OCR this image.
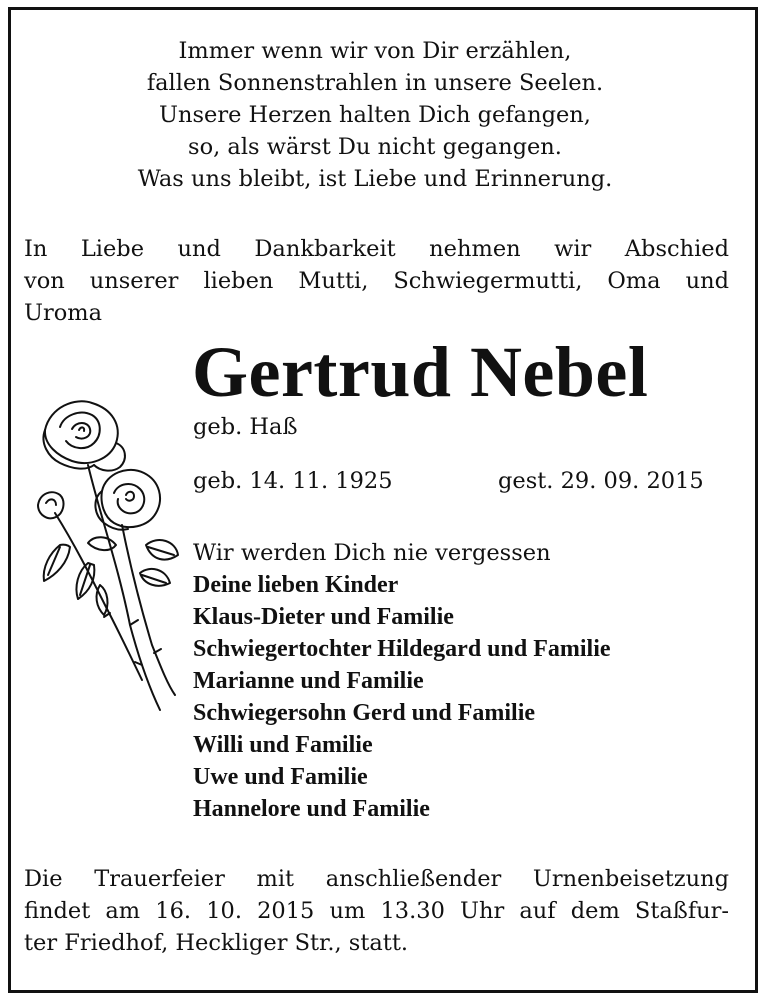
Immer wenn wir von Dir erzählen,
fallen Sonnenstrahlen in unsere Seelen.
Unsere Herzen halten Dich gefangen,
so, als wärst Du nicht gegangen.
Was uns bleibt, ist Liebe und Erinnerung.
In Liebe und Dankbarkeit nehmen wir Abschied
von unserer lieben Mutti, Schwiegermutti, Oma und
Uroma
Gertrud Nebel
geb. Haß
geb. 14. 11. 1925	gest. 29. 09. 2015
Wir werden Dich nie vergessen
Deine lieben Kinder
Klaus-Dieter und Familie
Schwiegertochter Hildegard und Familie
Marianne und Familie
Schwiegersohn Gerd und Familie
Willi und Familie
Uwe und Familie
Hannelore und Familie
Die Trauerfeier mit anschließender Urnenbeisetzung
findet am 16. 10. 2015 um 13.30 Uhr auf dem Staßfur-
ter Friedhof, Heckliger Str., statt.
